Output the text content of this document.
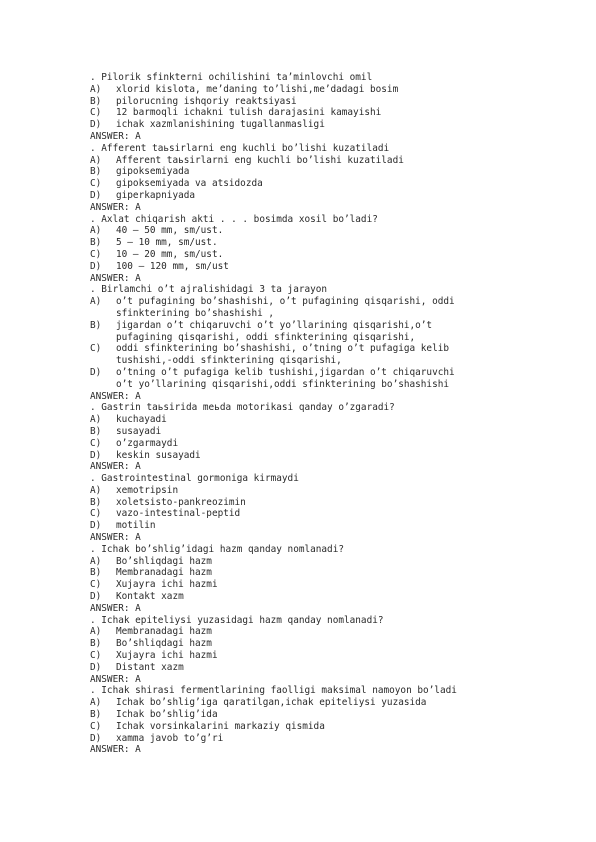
. Pilorik sfinkterni ochilishini ta’minlovchi omil
A)	xlorid kislota, me’daning to’lishi,me’dadagi bosim
B)	piloruсning ishqoriy reaktsiyasi
C)	12 barmoqli ichakni tulish darajasini kamayishi
D)	ichak xazmlanishining tugallanmasligi
ANSWER: A
. Afferent taьsirlarni eng kuchli bo’lishi kuzatiladi
A)	Afferent taьsirlarni eng kuchli bo’lishi kuzatiladi
B)	gipoksemiyada
C)	gipoksemiyada va atsidozda
D)	giperkapniyada
ANSWER: A
. Axlat chiqarish akti . . . bosimda xosil bo’ladi?
A)	40 – 50 mm, sm/ust.
B)	5 – 10 mm, sm/ust.
C)	10 – 20 mm, sm/ust.
D)	100 – 120 mm, sm/ust
ANSWER: A
. Birlamchi o’t ajralishidagi 3 ta jarayon
A)	o’t pufagining bo’shashishi, o’t pufagining qisqarishi, oddi
sfinkterining bo’shashishi ,
B)	jigardan o’t chiqaruvchi o’t yo’llarining qisqarishi,o’t
pufagining qisqarishi, oddi sfinkterining qisqarishi,
C)	oddi sfinkterining bo’shashishi, o’tning o’t pufagiga kelib
tushishi,-oddi sfinkterining qisqarishi,
D)	o’tning o’t pufagiga kelib tushishi,jigardan o’t chiqaruvchi
o’t yo’llarining qisqarishi,oddi sfinkterining bo’shashishi
ANSWER: A
. Gastrin taьsirida meьda motorikasi qanday o’zgaradi?
A)	kuchayadi
B)	susayadi
C)	o’zgarmaydi
D)	keskin susayadi
ANSWER: A
. Gastrointestinal gormoniga kirmaydi
A)	xemotripsin
B)	xoletsisto-pankreozimin
C)	vazo-intestinal-peptid
D)	motilin
ANSWER: A
. Ichak bo’shlig’idagi hazm qanday nomlanadi?
A)	Bo’shliqdagi hazm
B)	Membranadagi hazm
C)	Xujayra ichi hazmi
D)	Kontakt xazm
ANSWER: A
. Ichak epiteliysi yuzasidagi hazm qanday nomlanadi?
A)	Membranadagi hazm
B)	Bo’shliqdagi hazm
C)	Xujayra ichi hazmi
D)	Distant xazm
ANSWER: A
. Ichak shirasi fermentlarining faolligi maksimal namoyon bo’ladi
A)	Ichak bo’shlig’iga qaratilgan,ichak epiteliysi yuzasida
B)	Ichak bo’shlig’ida
C)	Ichak vorsinkalarini markaziy qismida
D)	xamma javob to’g’ri
ANSWER: A
